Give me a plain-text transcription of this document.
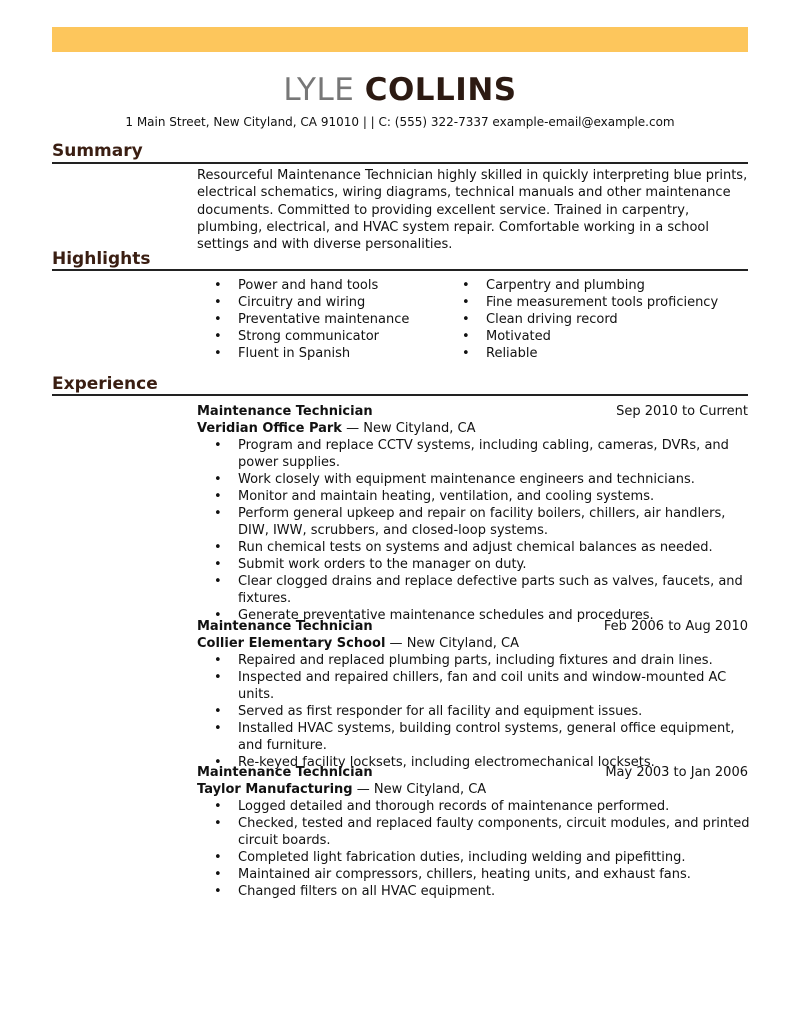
LYLE COLLINS
1 Main Street, New Cityland, CA 91010 | | C: (555) 322-7337 example-email@example.com
Summary
Resourceful Maintenance Technician highly skilled in quickly interpreting blue prints, electrical schematics, wiring diagrams, technical manuals and other maintenance documents. Committed to providing excellent service. Trained in carpentry, plumbing, electrical, and HVAC system repair. Comfortable working in a school settings and with diverse personalities.
Highlights
• Power and hand tools
• Circuitry and wiring
• Preventative maintenance
• Strong communicator
• Fluent in Spanish
• Carpentry and plumbing
• Fine measurement tools proficiency
• Clean driving record
• Motivated
• Reliable
Experience
Maintenance Technician	Sep 2010 to Current
Veridian Office Park — New Cityland, CA
• Program and replace CCTV systems, including cabling, cameras, DVRs, and power supplies.
• Work closely with equipment maintenance engineers and technicians.
• Monitor and maintain heating, ventilation, and cooling systems.
• Perform general upkeep and repair on facility boilers, chillers, air handlers, DIW, IWW, scrubbers, and closed-loop systems.
• Run chemical tests on systems and adjust chemical balances as needed.
• Submit work orders to the manager on duty.
• Clear clogged drains and replace defective parts such as valves, faucets, and fixtures.
• Generate preventative maintenance schedules and procedures.
Maintenance Technician	Feb 2006 to Aug 2010
Collier Elementary School — New Cityland, CA
• Repaired and replaced plumbing parts, including fixtures and drain lines.
• Inspected and repaired chillers, fan and coil units and window-mounted AC units.
• Served as first responder for all facility and equipment issues.
• Installed HVAC systems, building control systems, general office equipment, and furniture.
• Re-keyed facility locksets, including electromechanical locksets.
Maintenance Technician	May 2003 to Jan 2006
Taylor Manufacturing — New Cityland, CA
• Logged detailed and thorough records of maintenance performed.
• Checked, tested and replaced faulty components, circuit modules, and printed circuit boards.
• Completed light fabrication duties, including welding and pipefitting.
• Maintained air compressors, chillers, heating units, and exhaust fans.
• Changed filters on all HVAC equipment.
